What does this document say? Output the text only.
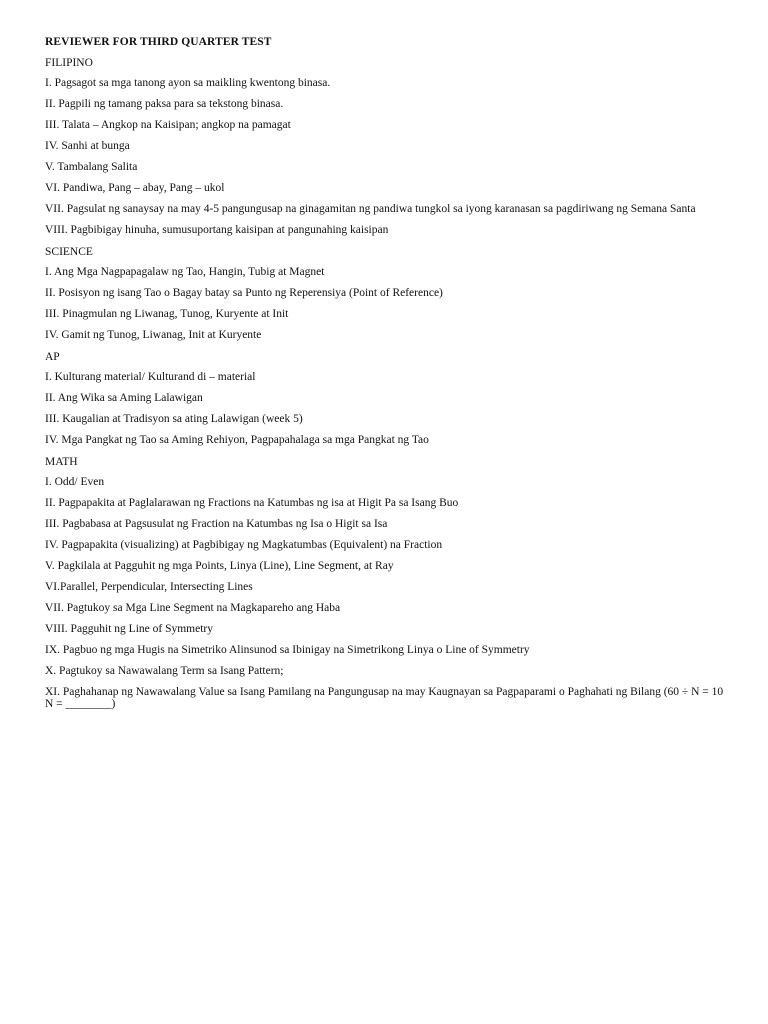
REVIEWER FOR THIRD QUARTER TEST
FILIPINO
I. Pagsagot sa mga tanong ayon sa maikling kwentong binasa.
II. Pagpili ng tamang paksa para sa tekstong binasa.
III. Talata – Angkop na Kaisipan; angkop na pamagat
IV. Sanhi at bunga
V. Tambalang Salita
VI. Pandiwa, Pang – abay, Pang – ukol
VII. Pagsulat ng sanaysay na may 4-5 pangungusap na ginagamitan ng pandiwa tungkol sa iyong karanasan sa pagdiriwang ng Semana Santa
VIII. Pagbibigay hinuha, sumusuportang kaisipan at pangunahing kaisipan
SCIENCE
I. Ang Mga Nagpapagalaw ng Tao, Hangin, Tubig at Magnet
II. Posisyon ng isang Tao o Bagay batay sa Punto ng Reperensiya (Point of Reference)
III. Pinagmulan ng Liwanag, Tunog, Kuryente at Init
IV. Gamit ng Tunog, Liwanag, Init at Kuryente
AP
I. Kulturang material/ Kulturand di – material
II. Ang Wika sa Aming Lalawigan
III. Kaugalian at Tradisyon sa ating Lalawigan (week 5)
IV. Mga Pangkat ng Tao sa Aming Rehiyon, Pagpapahalaga sa mga Pangkat ng Tao
MATH
I. Odd/ Even
II. Pagpapakita at Paglalarawan ng Fractions na Katumbas ng isa at Higit Pa sa Isang Buo
III. Pagbabasa at Pagsusulat ng Fraction na Katumbas ng Isa o Higit sa Isa
IV. Pagpapakita (visualizing) at Pagbibigay ng Magkatumbas (Equivalent) na Fraction
V. Pagkilala at Pagguhit ng mga Points, Linya (Line), Line Segment, at Ray
VI.Parallel, Perpendicular, Intersecting Lines
VII. Pagtukoy sa Mga Line Segment na Magkapareho ang Haba
VIII. Pagguhit ng Line of Symmetry
IX. Pagbuo ng mga Hugis na Simetriko Alinsunod sa Ibinigay na Simetrikong Linya o Line of Symmetry
X. Pagtukoy sa Nawawalang Term sa Isang Pattern;
XI. Paghahanap ng Nawawalang Value sa Isang Pamilang na Pangungusap na may Kaugnayan sa Pagpaparami o Paghahati ng Bilang (60 ÷ N = 10 N = ________)
